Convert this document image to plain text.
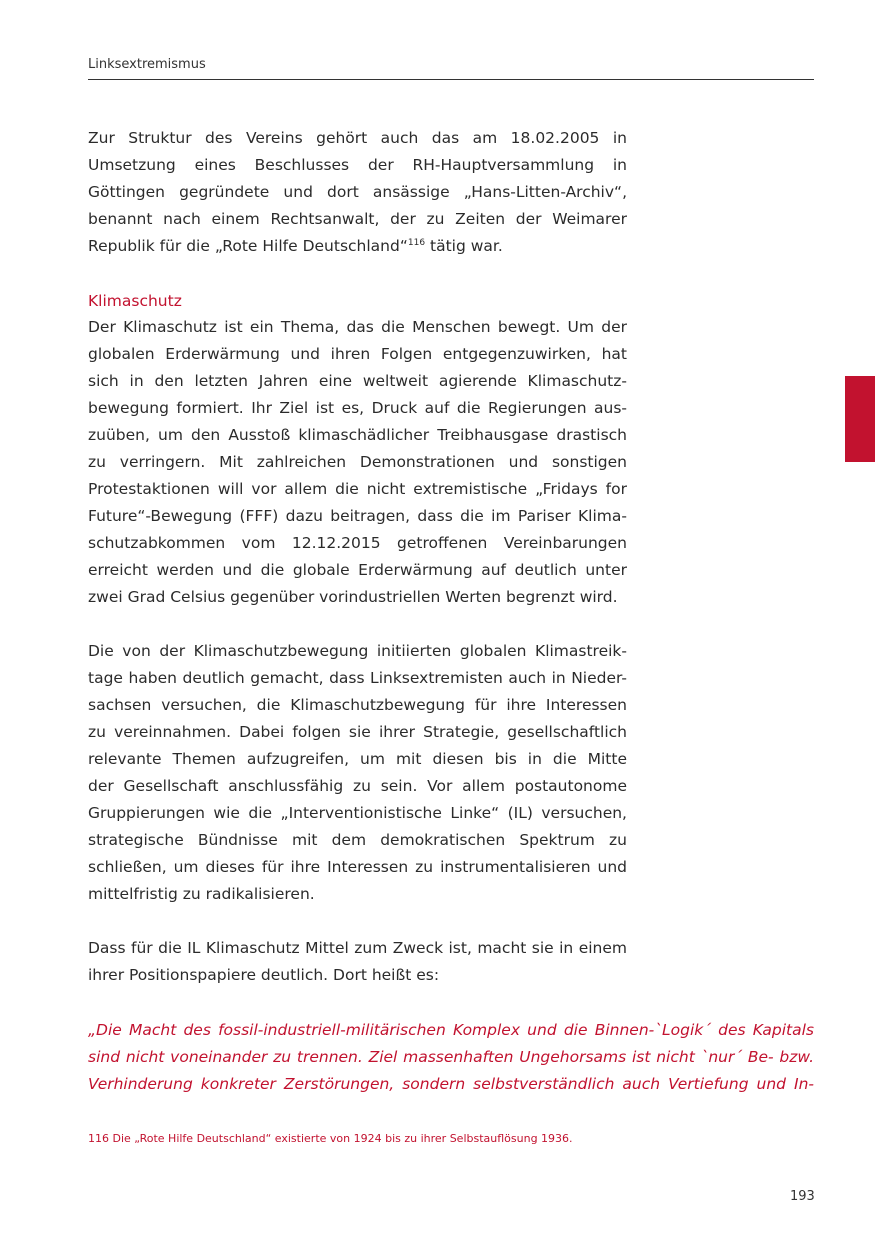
Linksextremismus
Zur Struktur des Vereins gehört auch das am 18.02.2005 in
Umsetzung eines Beschlusses der RH-Hauptversammlung in
Göttingen gegründete und dort ansässige „Hans-Litten-Archiv“,
benannt nach einem Rechtsanwalt, der zu Zeiten der Weimarer
Republik für die „Rote Hilfe Deutschland“$^{116}$ tätig war.
Klimaschutz
Der Klimaschutz ist ein Thema, das die Menschen bewegt. Um der
globalen Erderwärmung und ihren Folgen entgegenzuwirken, hat
sich in den letzten Jahren eine weltweit agierende Klimaschutz-
bewegung formiert. Ihr Ziel ist es, Druck auf die Regierungen aus-
zuüben, um den Ausstoß klimaschädlicher Treibhausgase drastisch
zu verringern. Mit zahlreichen Demonstrationen und sonstigen
Protestaktionen will vor allem die nicht extremistische „Fridays for
Future“-Bewegung (FFF) dazu beitragen, dass die im Pariser Klima-
schutzabkommen vom 12.12.2015 getroffenen Vereinbarungen
erreicht werden und die globale Erderwärmung auf deutlich unter
zwei Grad Celsius gegenüber vorindustriellen Werten begrenzt wird.
Die von der Klimaschutzbewegung initiierten globalen Klimastreik-
tage haben deutlich gemacht, dass Linksextremisten auch in Nieder-
sachsen versuchen, die Klimaschutzbewegung für ihre Interessen
zu vereinnahmen. Dabei folgen sie ihrer Strategie, gesellschaftlich
relevante Themen aufzugreifen, um mit diesen bis in die Mitte
der Gesellschaft anschlussfähig zu sein. Vor allem postautonome
Gruppierungen wie die „Interventionistische Linke“ (IL) versuchen,
strategische Bündnisse mit dem demokratischen Spektrum zu
schließen, um dieses für ihre Interessen zu instrumentalisieren und
mittelfristig zu radikalisieren.
Dass für die IL Klimaschutz Mittel zum Zweck ist, macht sie in einem
ihrer Positionspapiere deutlich. Dort heißt es:
„Die Macht des fossil-industriell-militärischen Komplex und die Binnen-`Logik´ des Kapitals
sind nicht voneinander zu trennen. Ziel massenhaften Ungehorsams ist nicht `nur´ Be- bzw.
Verhinderung konkreter Zerstörungen, sondern selbstverständlich auch Vertiefung und In-
116 Die „Rote Hilfe Deutschland“ existierte von 1924 bis zu ihrer Selbstauflösung 1936.
193
